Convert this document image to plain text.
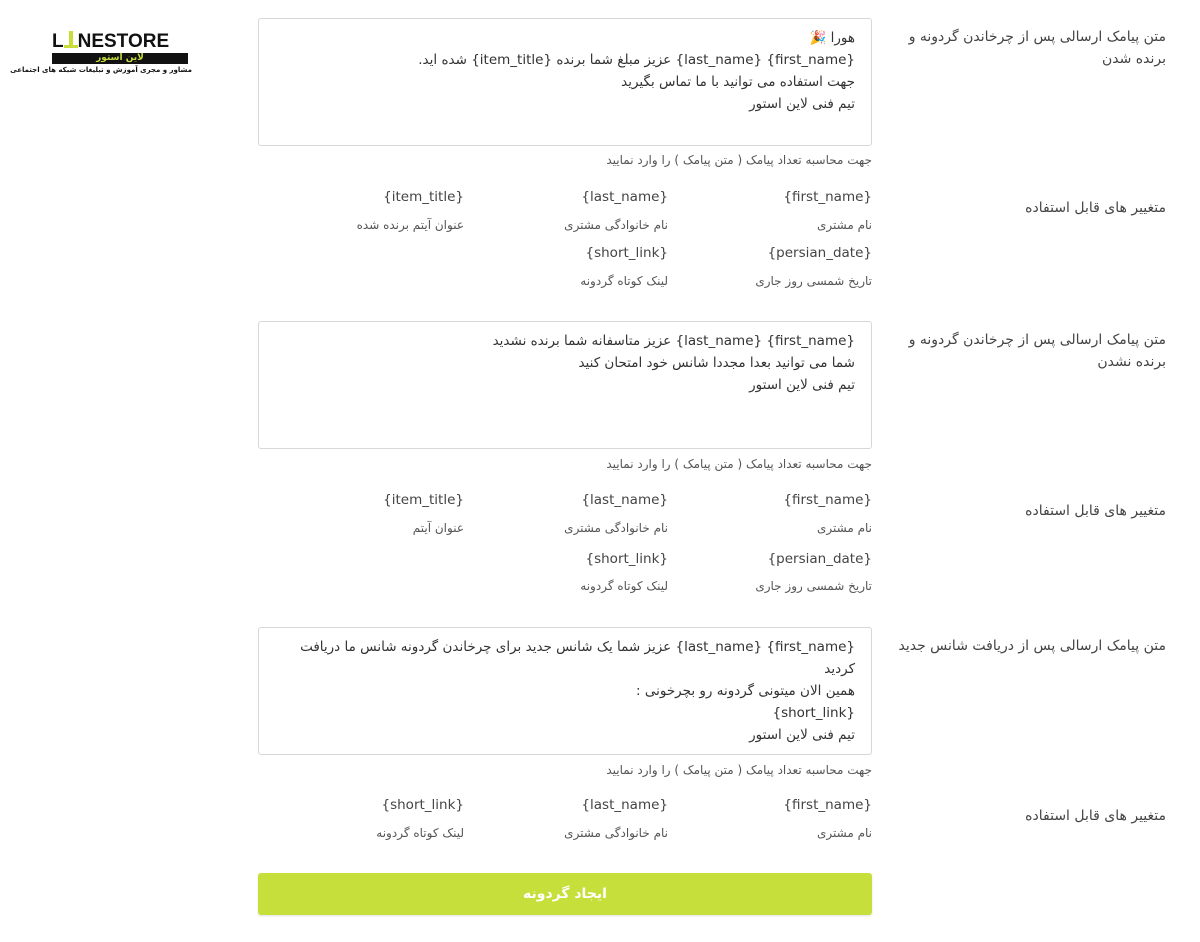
L NESTORE
لاین استور
مشاور و مجری آموزش و تبلیغات شبکه های اجتماعی
متن پیامک ارسالی پس از چرخاندن گردونه و برنده شدن
هورا 🎉
{first_name} {last_name} عزیز مبلغ شما برنده {item_title} شده اید.
جهت استفاده می توانید با ما تماس بگیرید
تیم فنی لاین استور
جهت محاسبه تعداد پیامک ( متن پیامک ) را وارد نمایید
متغییر های قابل استفاده
{first_name}
نام مشتری
{last_name}
نام خانوادگی مشتری
{item_title}
عنوان آیتم برنده شده
{persian_date}
تاریخ شمسی روز جاری
{short_link}
لینک کوتاه گردونه
متن پیامک ارسالی پس از چرخاندن گردونه و برنده نشدن
{first_name} {last_name} عزیز متاسفانه شما برنده نشدید
شما می توانید بعدا مجددا شانس خود امتحان کنید
تیم فنی لاین استور
جهت محاسبه تعداد پیامک ( متن پیامک ) را وارد نمایید
متغییر های قابل استفاده
{first_name}
نام مشتری
{last_name}
نام خانوادگی مشتری
{item_title}
عنوان آیتم
{persian_date}
تاریخ شمسی روز جاری
{short_link}
لینک کوتاه گردونه
متن پیامک ارسالی پس از دریافت شانس جدید
{first_name} {last_name} عزیز شما یک شانس جدید برای چرخاندن گردونه شانس ما دریافت کردید
همین الان میتونی گردونه رو بچرخونی :
{short_link}
تیم فنی لاین استور
جهت محاسبه تعداد پیامک ( متن پیامک ) را وارد نمایید
متغییر های قابل استفاده
{first_name}
نام مشتری
{last_name}
نام خانوادگی مشتری
{short_link}
لینک کوتاه گردونه
ایجاد گردونه
